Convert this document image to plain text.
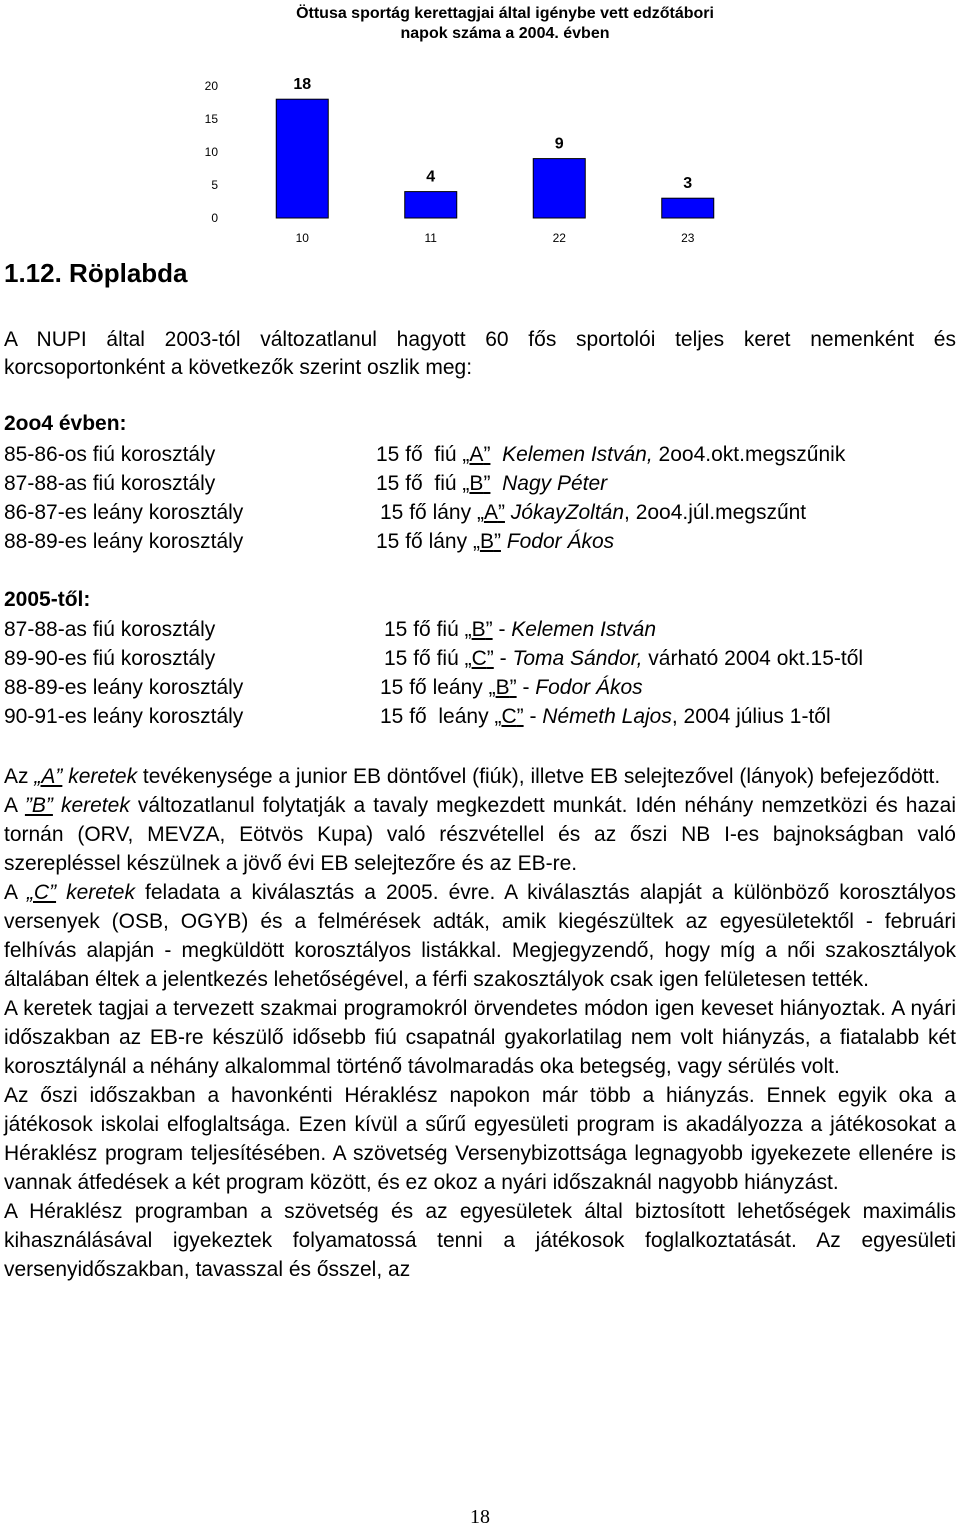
Öttusa sportág kerettagjai által igénybe vett edzőtábori napok száma a 2004. évben
0
5
10
15
20	18
10
4
11
9
22
3
23
1.12. Röplabda
A NUPI által 2003-tól változatlanul hagyott 60 fős sportolói teljes keret nemenként és korcsoportonként a következők szerint oszlik meg:
2oo4 évben:
85-86-os fiú korosztály	15 fő fiú „A” Kelemen István, 2oo4.okt.megszűnik
87-88-as fiú korosztály	15 fő fiú „B” Nagy Péter
86-87-es leány korosztály	15 fő lány „A” JókayZoltán, 2oo4.júl.megszűnt
88-89-es leány korosztály	15 fő lány „B” Fodor Ákos
2005-től:
87-88-as fiú korosztály	15 fő fiú „B” - Kelemen István
89-90-es fiú korosztály	15 fő fiú „C” - Toma Sándor, várható 2004 okt.15-től
88-89-es leány korosztály	15 fő leány „B” - Fodor Ákos
90-91-es leány korosztály	15 fő leány „C” - Németh Lajos, 2004 július 1-től

Az „A” keretek tevékenysége a junior EB döntővel (fiúk), illetve EB selejtezővel (lányok) befejeződött.

A ”B” keretek változatlanul folytatják a tavaly megkezdett munkát. Idén néhány nemzetközi és hazai tornán (ORV, MEVZA, Eötvös Kupa) való részvétellel és az őszi NB I-es bajnokságban való szerepléssel készülnek a jövő évi EB selejtezőre és az EB-re.

A „C” keretek feladata a kiválasztás a 2005. évre. A kiválasztás alapját a különböző korosztályos versenyek (OSB, OGYB) és a felmérések adták, amik kiegészültek az egyesületektől - februári felhívás alapján - megküldött korosztályos listákkal. Megjegyzendő, hogy míg a női szakosztályok általában éltek a jelentkezés lehetőségével, a férfi szakosztályok csak igen felületesen tették.

A keretek tagjai a tervezett szakmai programokról örvendetes módon igen keveset hiányoztak. A nyári időszakban az EB-re készülő idősebb fiú csapatnál gyakorlatilag nem volt hiányzás, a fiatalabb két korosztálynál a néhány alkalommal történő távolmaradás oka betegség, vagy sérülés volt.

Az őszi időszakban a havonkénti Héraklész napokon már több a hiányzás. Ennek egyik oka a játékosok iskolai elfoglaltsága. Ezen kívül a sűrű egyesületi program is akadályozza a játékosokat a Héraklész program teljesítésében. A szövetség Versenybizottsága legnagyobb igyekezete ellenére is vannak átfedések a két program között, és ez okoz a nyári időszaknál nagyobb hiányzást.

A Héraklész programban a szövetség és az egyesületek által biztosított lehetőségek maximális kihasználásával igyekeztek folyamatossá tenni a játékosok foglalkoztatását. Az egyesületi versenyidőszakban, tavasszal és ősszel, az

18
